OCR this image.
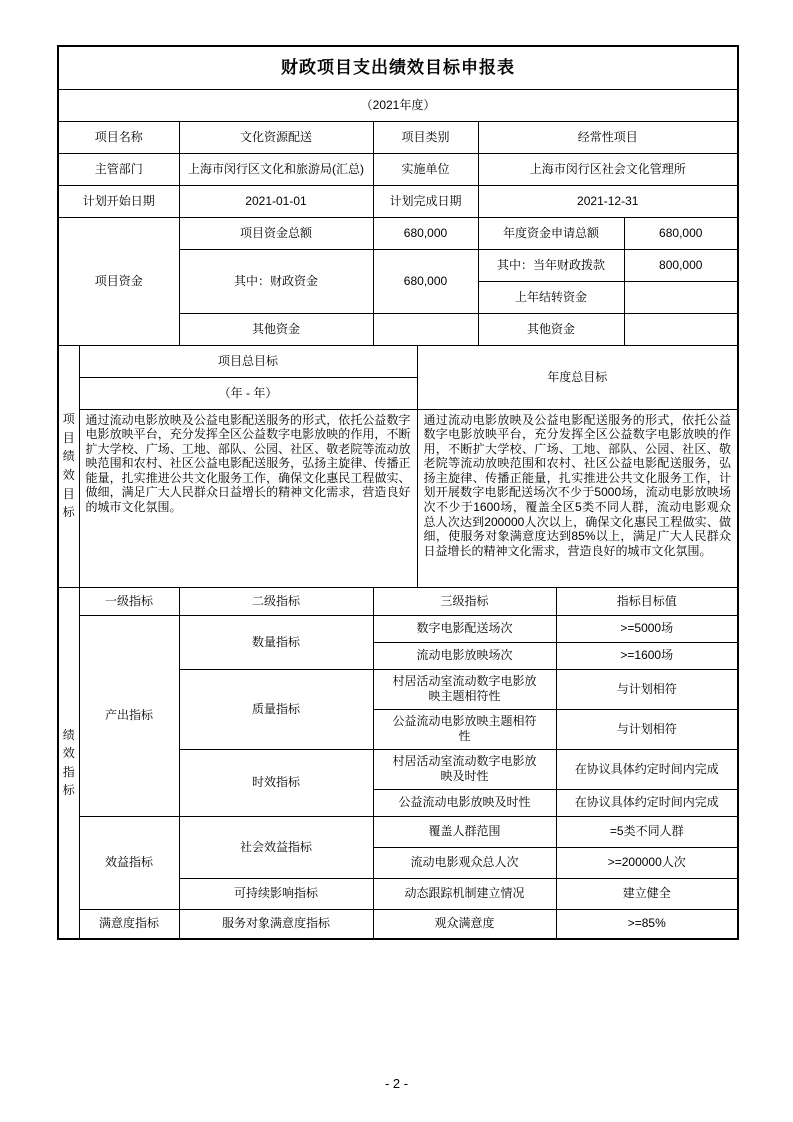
财政项目支出绩效目标申报表							
（2021年度）							
项目名称		文化资源配送	项目类别		经常性项目		
主管部门		上海市闵行区文化和旅游局(汇总)	实施单位		上海市闵行区社会文化管理所		
计划开始日期		2021-01-01	计划完成日期		2021-12-31		
项目资金		项目资金总额	680,000		年度资金申请总额		680,000
		其中：财政资金	680,000		其中：当年财政拨款		800,000
					上年结转资金		
		其他资金			其他资金		

项目绩效目标	项目总目标			年度总目标			
	（年 - 年）						
	通过流动电影放映及公益电影配送服务的形式，依托公益数字电影放映平台，充分发挥全区公益数字电影放映的作用，不断扩大学校、广场、工地、部队、公园、社区、敬老院等流动放映范围和农村、社区公益电影配送服务，弘扬主旋律、传播正能量，扎实推进公共文化服务工作，确保文化惠民工程做实、做细，满足广大人民群众日益增长的精神文化需求，营造良好的城市文化氛围。			通过流动电影放映及公益电影配送服务的形式，依托公益数字电影放映平台，充分发挥全区公益数字电影放映的作用，不断扩大学校、广场、工地、部队、公园、社区、敬老院等流动放映范围和农村、社区公益电影配送服务，弘扬主旋律、传播正能量，扎实推进公共文化服务工作，计划开展数字电影配送场次不少于5000场，流动电影放映场次不少于1600场，覆盖全区5类不同人群，流动电影观众总人次达到200000人次以上，确保文化惠民工程做实、做细，使服务对象满意度达到85%以上，满足广大人民群众日益增长的精神文化需求，营造良好的城市文化氛围。			

绩效指标	一级指标	二级指标	三级指标			指标目标值	
	产出指标	数量指标	数字电影配送场次			>=5000场	
			流动电影放映场次			>=1600场	
		质量指标	村居活动室流动数字电影放映主题相符性			与计划相符	
			公益流动电影放映主题相符性			与计划相符	
		时效指标	村居活动室流动数字电影放映及时性			在协议具体约定时间内完成	
			公益流动电影放映及时性			在协议具体约定时间内完成	
	效益指标	社会效益指标	覆盖人群范围			=5类不同人群	
			流动电影观众总人次			>=200000人次	
		可持续影响指标	动态跟踪机制建立情况			建立健全	
	满意度指标	服务对象满意度指标	观众满意度			>=85%	
- 2 -
